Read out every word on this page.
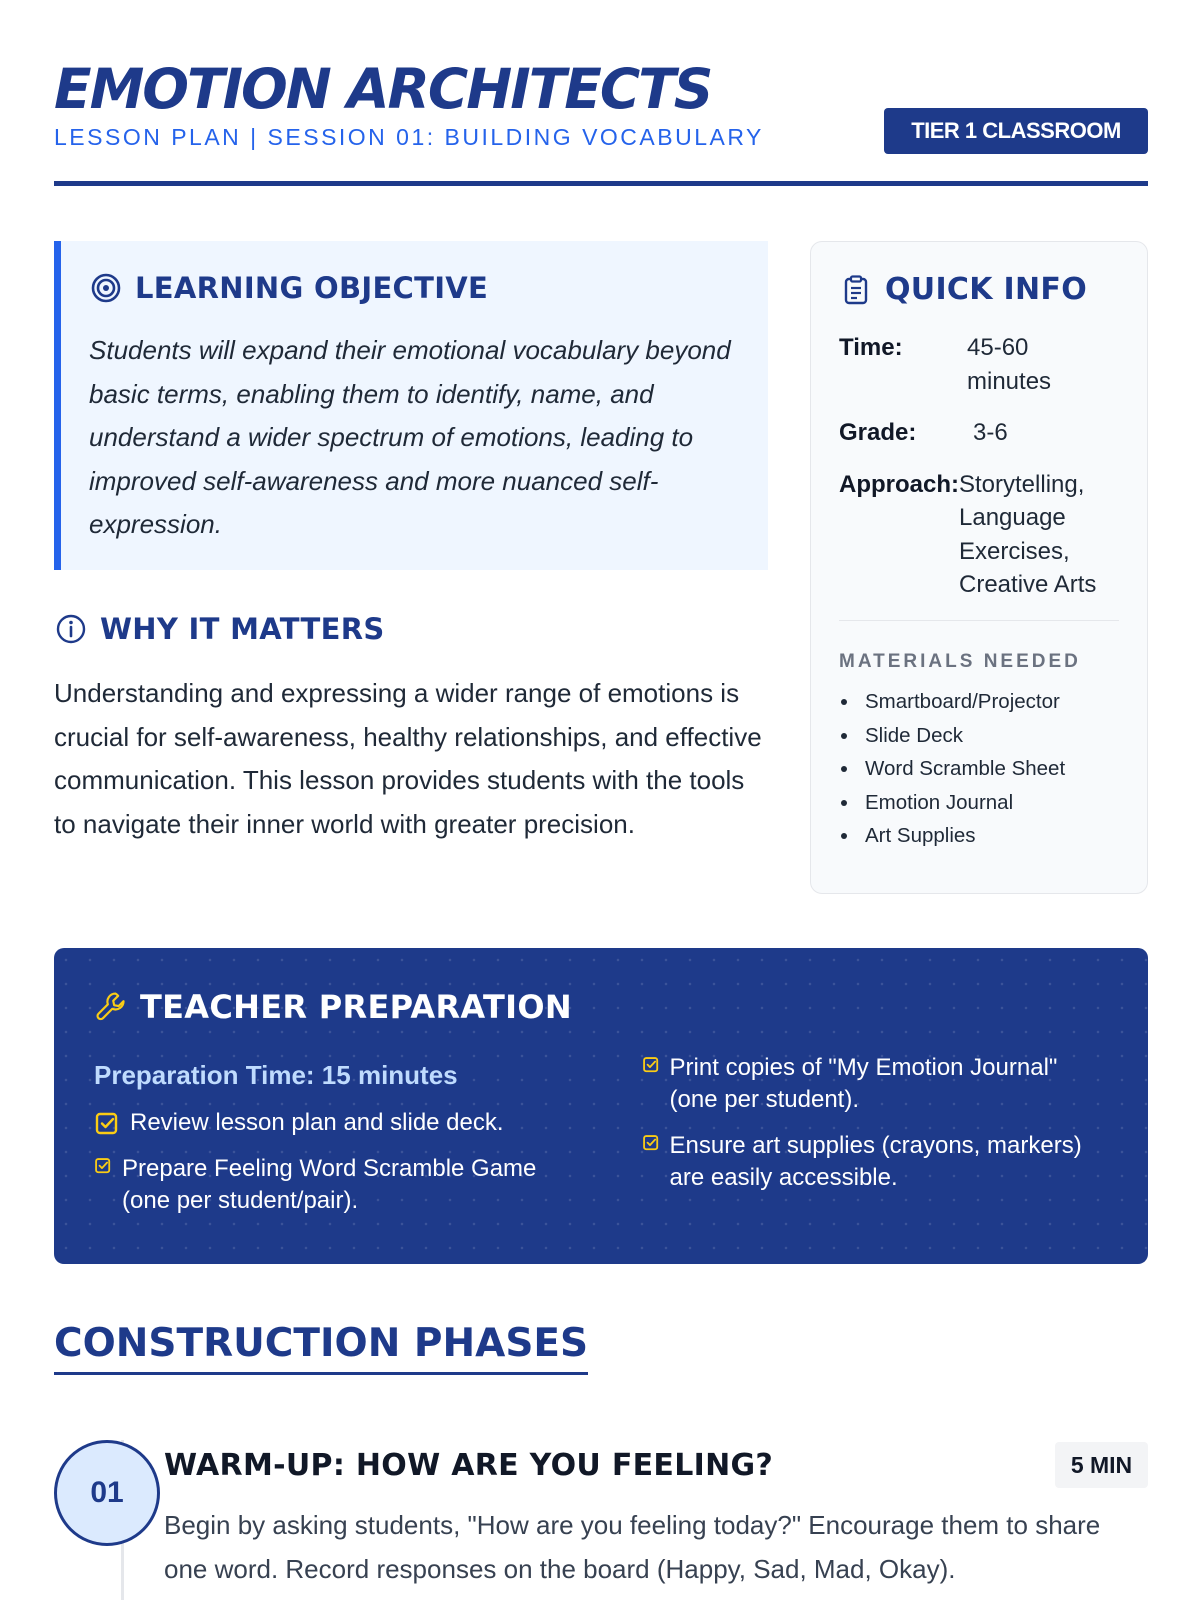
EMOTION ARCHITECTS
LESSON PLAN | SESSION 01: BUILDING VOCABULARY	TIER 1 CLASSROOM
LEARNING OBJECTIVE
Students will expand their emotional vocabulary beyond basic terms, enabling them to identify, name, and understand a wider spectrum of emotions, leading to improved self-awareness and more nuanced self-expression.
WHY IT MATTERS
Understanding and expressing a wider range of emotions is crucial for self-awareness, healthy relationships, and effective communication. This lesson provides students with the tools to navigate their inner world with greater precision.
QUICK INFO
Time:	45-60 minutes
Grade:	3-6
Approach: Storytelling, Language Exercises, Creative Arts
MATERIALS NEEDED
Smartboard/Projector
Slide Deck
Word Scramble Sheet
Emotion Journal
Art Supplies
TEACHER PREPARATION
Preparation Time: 15 minutes
Review lesson plan and slide deck.
Prepare Feeling Word Scramble Game (one per student/pair).
Print copies of "My Emotion Journal" (one per student).
Ensure art supplies (crayons, markers) are easily accessible.
CONSTRUCTION PHASES
01
WARM-UP: HOW ARE YOU FEELING?	5 MIN
Begin by asking students, "How are you feeling today?" Encourage them to share one word. Record responses on the board (Happy, Sad, Mad, Okay).
